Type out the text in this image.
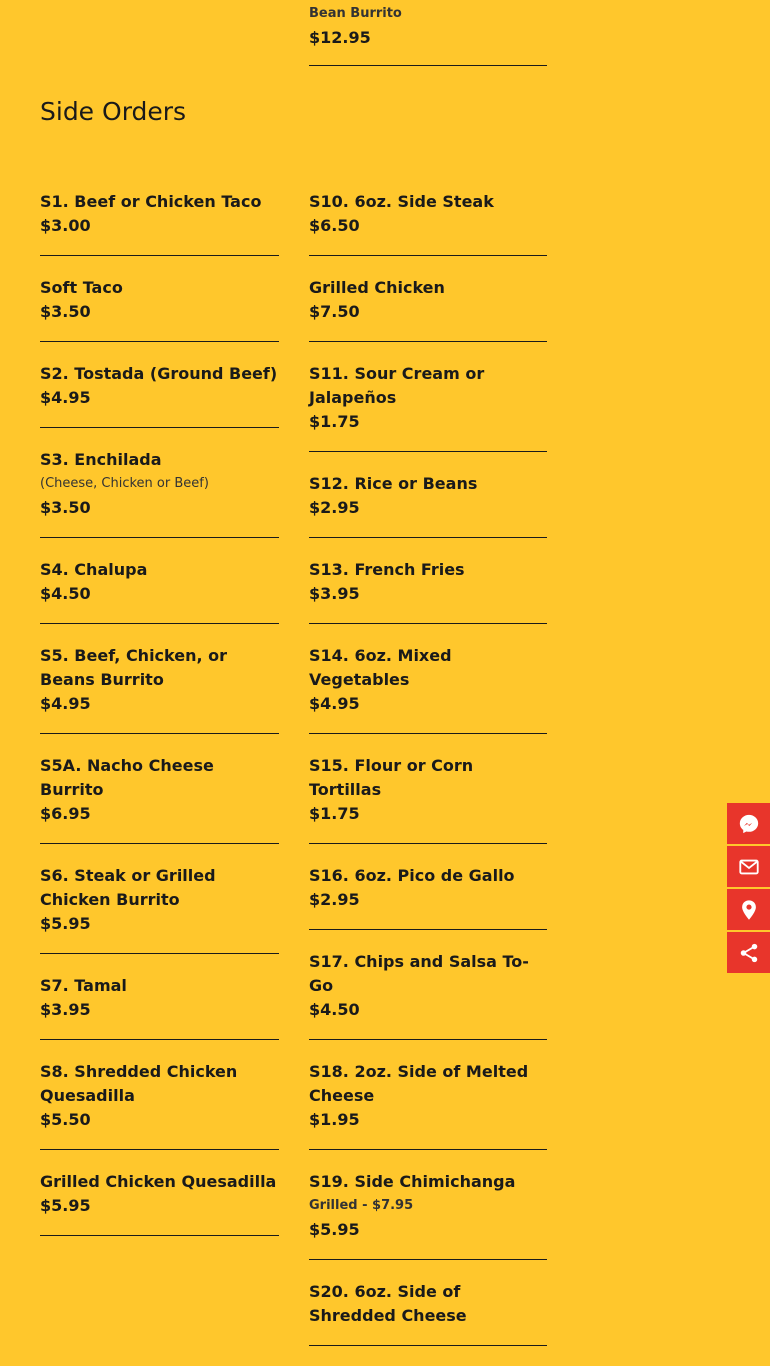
Bean Burrito
$12.95
Side Orders
S1. Beef or Chicken Taco
$3.00
Soft Taco
$3.50
S2. Tostada (Ground Beef)
$4.95
S3. Enchilada
(Cheese, Chicken or Beef)
$3.50
S4. Chalupa
$4.50
S5. Beef, Chicken, or Beans Burrito
$4.95
S5A. Nacho Cheese Burrito
$6.95
S6. Steak or Grilled Chicken Burrito
$5.95
S7. Tamal
$3.95
S8. Shredded Chicken Quesadilla
$5.50
Grilled Chicken Quesadilla
$5.95
S10. 6oz. Side Steak
$6.50
Grilled Chicken
$7.50
S11. Sour Cream or Jalapeños
$1.75
S12. Rice or Beans
$2.95
S13. French Fries
$3.95
S14. 6oz. Mixed Vegetables
$4.95
S15. Flour or Corn Tortillas
$1.75
S16. 6oz. Pico de Gallo
$2.95
S17. Chips and Salsa To-Go
$4.50
S18. 2oz. Side of Melted Cheese
$1.95
S19. Side Chimichanga
Grilled - $7.95
$5.95
S20. 6oz. Side of Shredded Cheese
